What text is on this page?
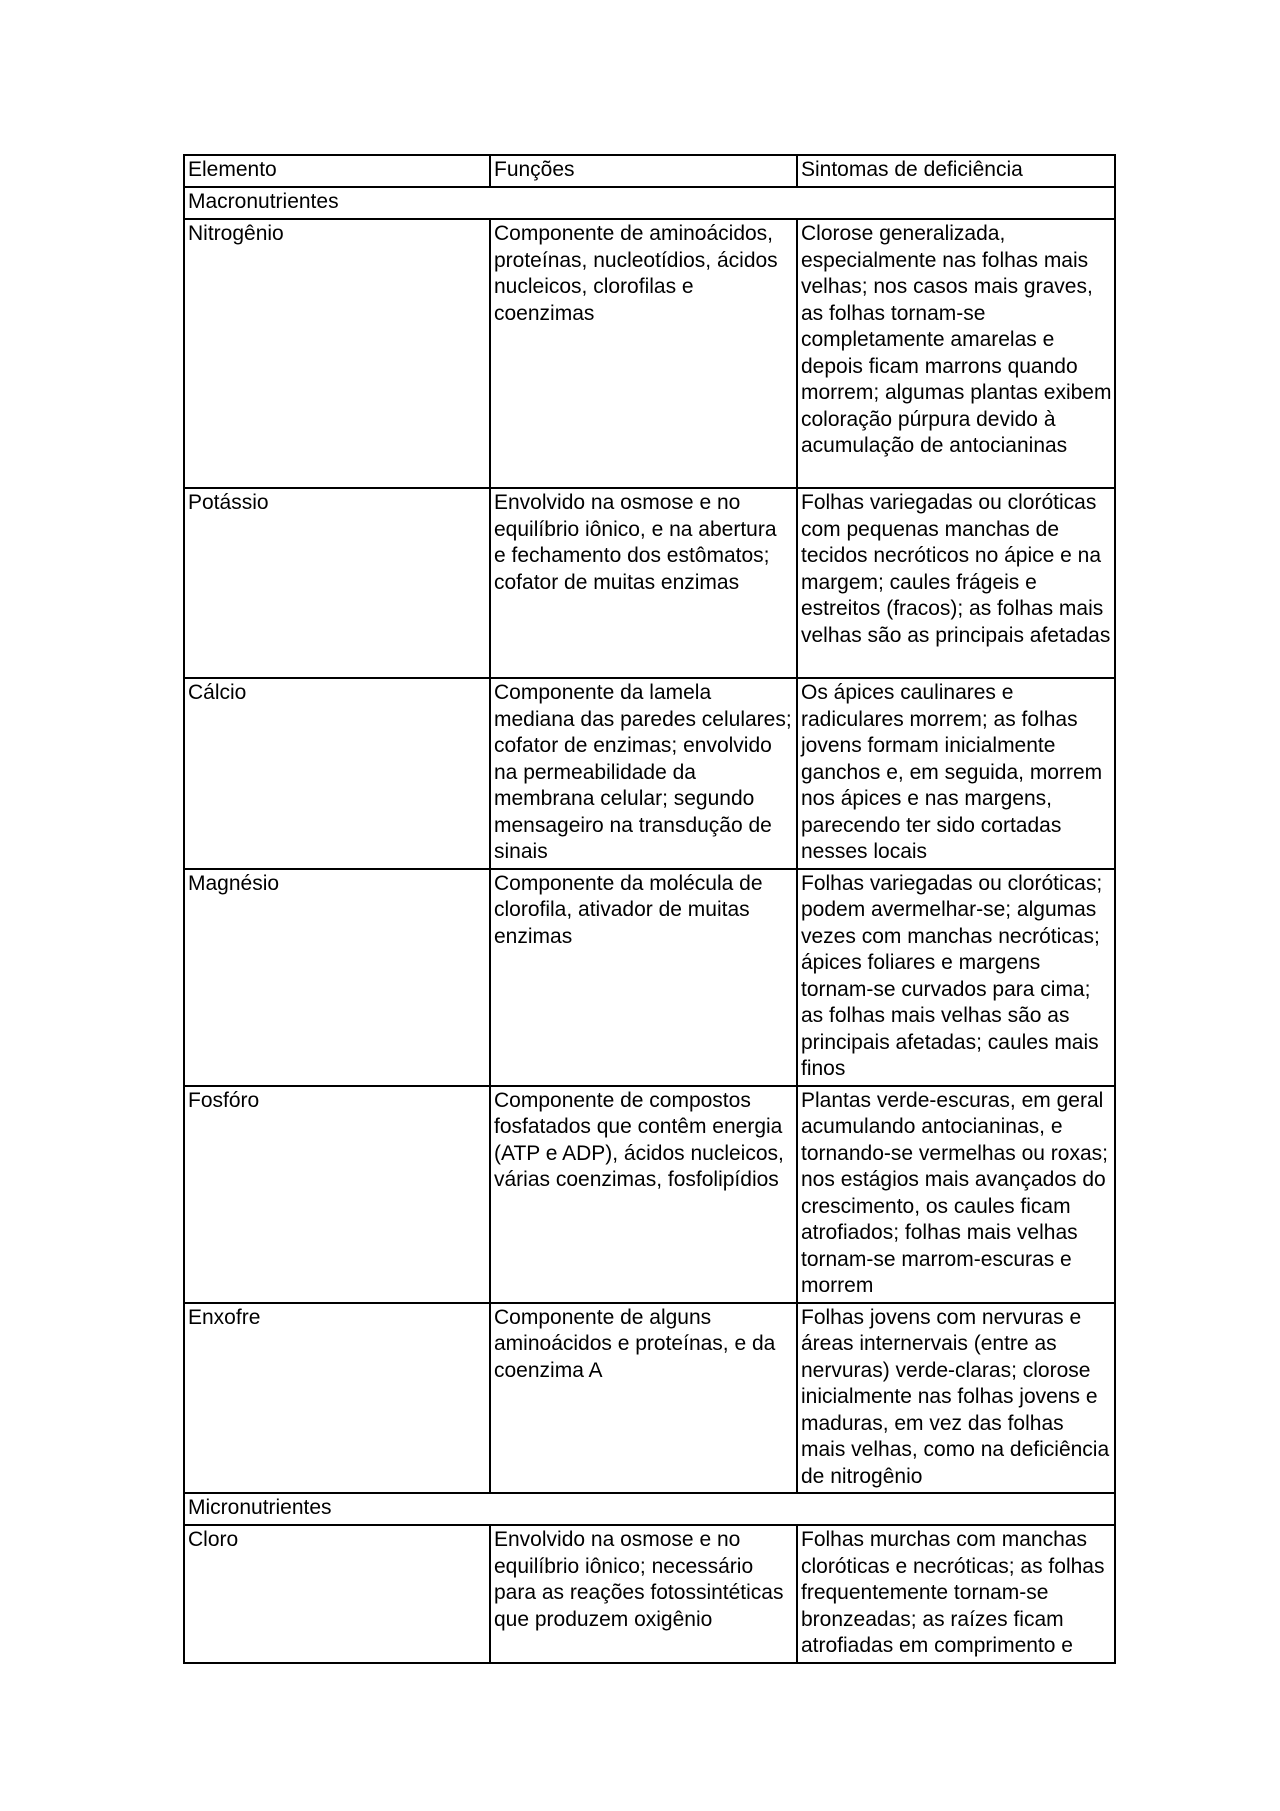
Elemento	Funções	Sintomas de deficiência
Macronutrientes		
Nitrogênio	Componente de aminoácidos, proteínas, nucleotídios, ácidos nucleicos, clorofilas e coenzimas	Clorose generalizada, especialmente nas folhas mais velhas; nos casos mais graves, as folhas tornam-se completamente amarelas e depois ficam marrons quando morrem; algumas plantas exibem coloração púrpura devido à acumulação de antocianinas
Potássio	Envolvido na osmose e no equilíbrio iônico, e na abertura e fechamento dos estômatos; cofator de muitas enzimas	Folhas variegadas ou cloróticas com pequenas manchas de tecidos necróticos no ápice e na margem; caules frágeis e estreitos (fracos); as folhas mais velhas são as principais afetadas
Cálcio	Componente da lamela mediana das paredes celulares; cofator de enzimas; envolvido na permeabilidade da membrana celular; segundo mensageiro na transdução de sinais	Os ápices caulinares e radiculares morrem; as folhas jovens formam inicialmente ganchos e, em seguida, morrem nos ápices e nas margens, parecendo ter sido cortadas nesses locais
Magnésio	Componente da molécula de clorofila, ativador de muitas enzimas	Folhas variegadas ou cloróticas; podem avermelhar-se; algumas vezes com manchas necróticas; ápices foliares e margens tornam-se curvados para cima; as folhas mais velhas são as principais afetadas; caules mais finos
Fosfóro	Componente de compostos fosfatados que contêm energia (ATP e ADP), ácidos nucleicos, várias coenzimas, fosfolipídios	Plantas verde-escuras, em geral acumulando antocianinas, e tornando-se vermelhas ou roxas; nos estágios mais avançados do crescimento, os caules ficam atrofiados; folhas mais velhas tornam-se marrom-escuras e morrem
Enxofre	Componente de alguns aminoácidos e proteínas, e da coenzima A	Folhas jovens com nervuras e áreas internervais (entre as nervuras) verde-claras; clorose inicialmente nas folhas jovens e maduras, em vez das folhas mais velhas, como na deficiência de nitrogênio
Micronutrientes		
Cloro	Envolvido na osmose e no equilíbrio iônico; necessário para as reações fotossintéticas que produzem oxigênio	Folhas murchas com manchas cloróticas e necróticas; as folhas frequentemente tornam-se bronzeadas; as raízes ficam atrofiadas em comprimento e
